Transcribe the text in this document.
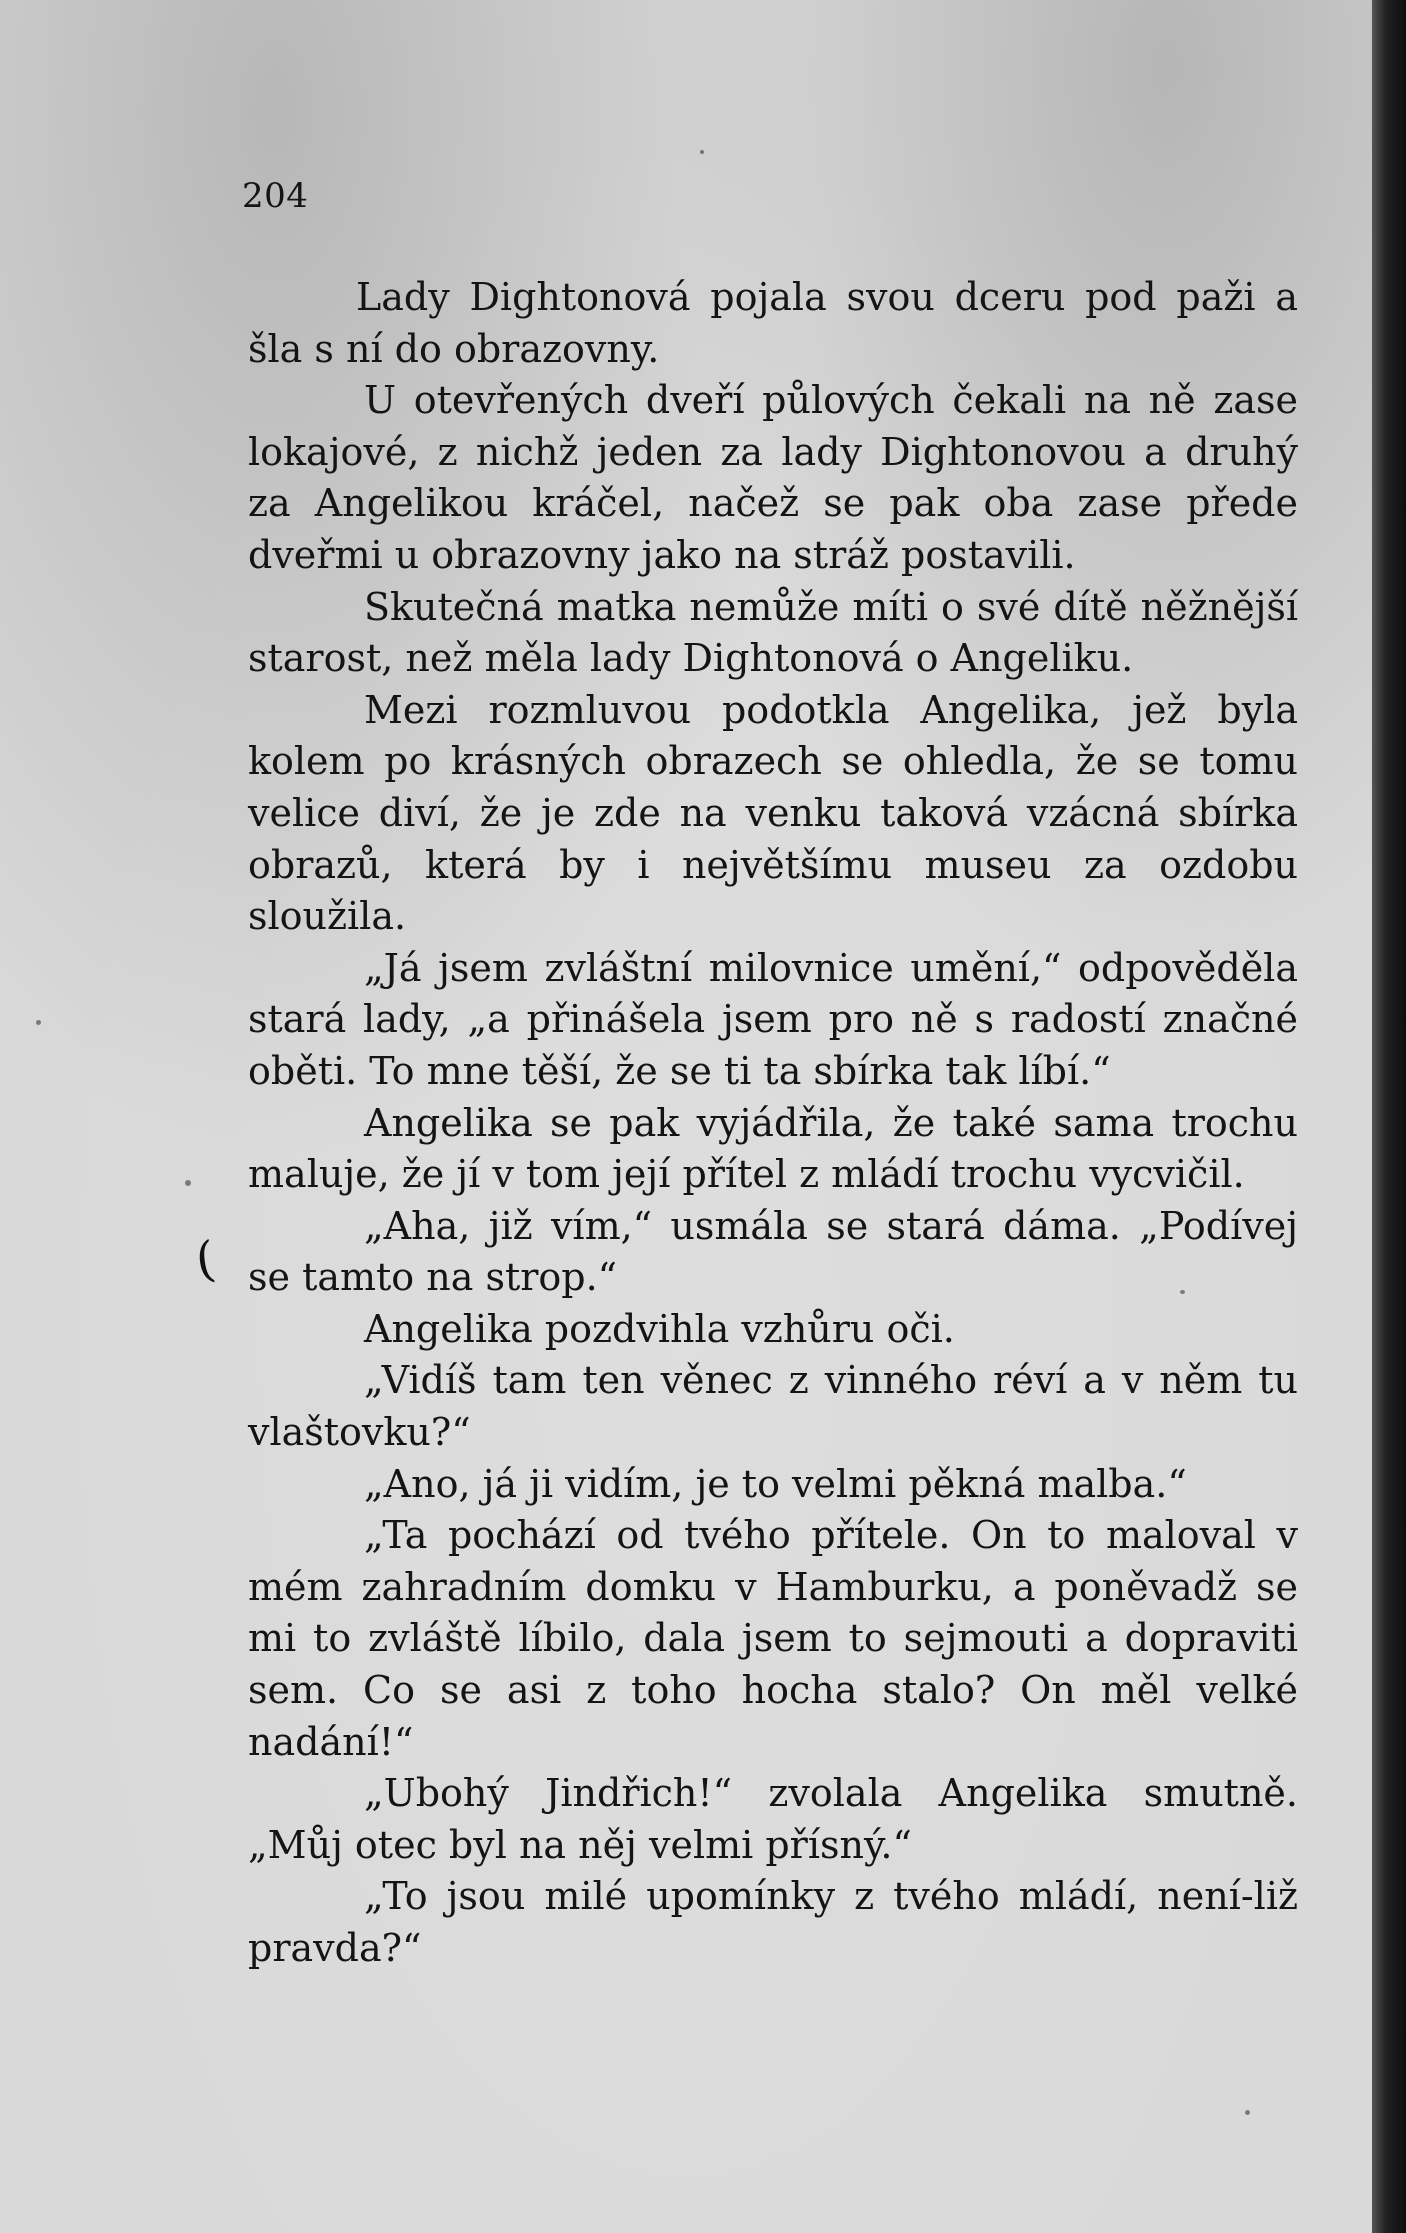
204

Lady Dightonová pojala svou dceru pod paži a šla s ní do obrazovny.

U otevřených dveří půlových čekali na ně zase lokajové, z nichž jeden za lady Dightonovou a druhý za Angelikou kráčel, načež se pak oba zase přede dveřmi u obrazovny jako na stráž postavili.

Skutečná matka nemůže míti o své dítě něžnější starost, než měla lady Dightonová o Angeliku.

Mezi rozmluvou podotkla Angelika, jež byla kolem po krásných obrazech se ohledla, že se tomu velice diví, že je zde na venku taková vzácná sbírka obrazů, která by i největšímu museu za ozdobu sloužila.

„Já jsem zvláštní milovnice umění,“ odpověděla stará lady, „a přinášela jsem pro ně s radostí značné oběti. To mne těší, že se ti ta sbírka tak líbí.“

Angelika se pak vyjádřila, že také sama trochu maluje, že jí v tom její přítel z mládí trochu vycvičil.

„Aha, již vím,“ usmála se stará dáma. „Podívej se tamto na strop.“

Angelika pozdvihla vzhůru oči.

„Vidíš tam ten věnec z vinného réví a v něm tu vlaštovku?“

„Ano, já ji vidím, je to velmi pěkná malba.“

„Ta pochází od tvého přítele. On to maloval v mém zahradním domku v Hamburku, a poněvadž se mi to zvláště líbilo, dala jsem to sejmouti a dopraviti sem. Co se asi z toho hocha stalo? On měl velké nadání!“

„Ubohý Jindřich!“ zvolala Angelika smutně. „Můj otec byl na něj velmi přísný.“

„To jsou milé upomínky z tvého mládí, není-liž pravda?“

(
